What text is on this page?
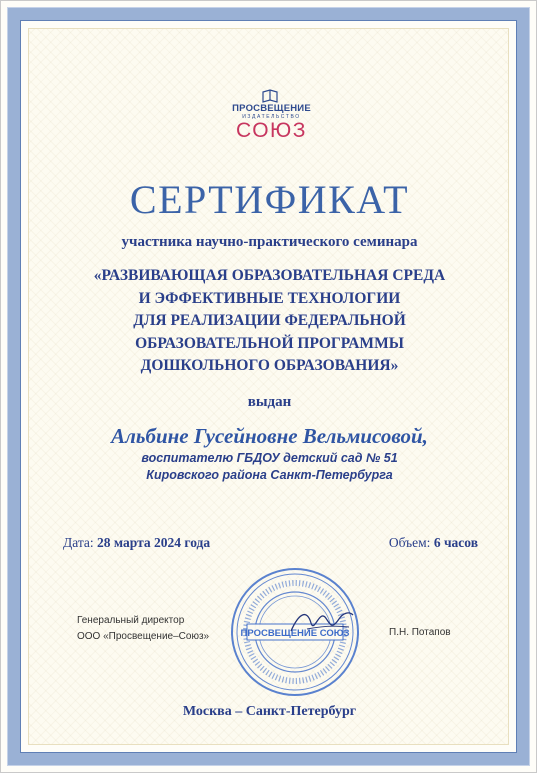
ПРОСВЕЩЕНИЕ
ИЗДАТЕЛЬСТВО
СОЮЗ
СЕРТИФИКАТ
участника научно-практического семинара
«РАЗВИВАЮЩАЯ ОБРАЗОВАТЕЛЬНАЯ СРЕДА
И ЭФФЕКТИВНЫЕ ТЕХНОЛОГИИ
ДЛЯ РЕАЛИЗАЦИИ ФЕДЕРАЛЬНОЙ
ОБРАЗОВАТЕЛЬНОЙ ПРОГРАММЫ
ДОШКОЛЬНОГО ОБРАЗОВАНИЯ»
выдан
Альбине Гусейновне Вельмисовой,
воспитателю ГБДОУ детский сад № 51
Кировского района Санкт-Петербурга
Дата: 28 марта 2024 года	Объем: 6 часов
Генеральный директор
ООО «Просвещение–Союз»	ПРОСВЕЩЕНИЕ СОЮЗ	П.Н. Потапов
Москва – Санкт-Петербург
